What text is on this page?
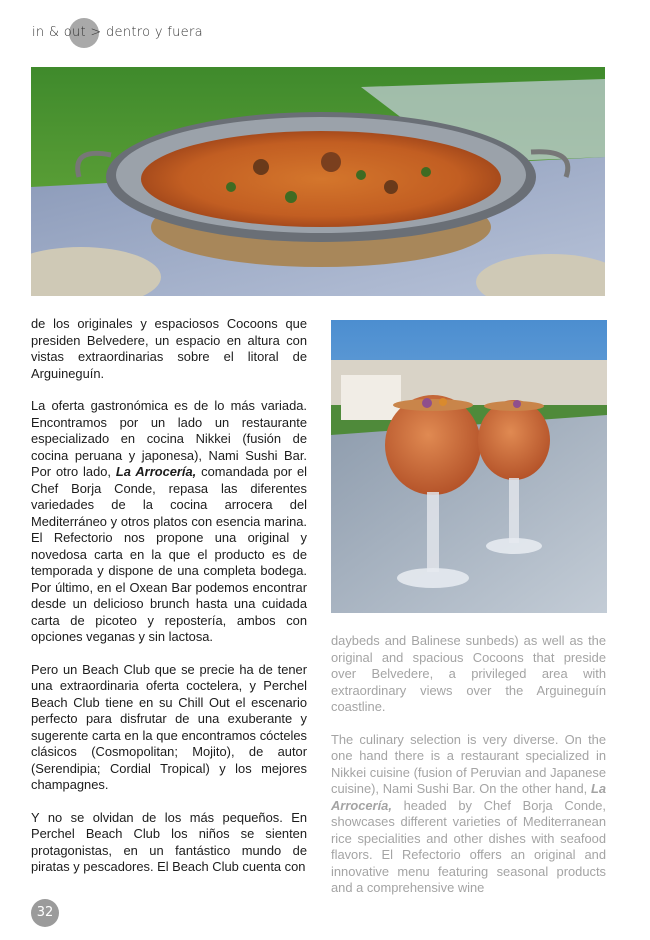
in & out > dentro y fuera

de los originales y espaciosos Cocoons que presiden Belvedere, un espacio en altura con vistas extraordinarias sobre el litoral de Arguineguín.

La oferta gastronómica es de lo más variada. Encontramos por un lado un restaurante especializado en cocina Nikkei (fusión de cocina peruana y japonesa), Nami Sushi Bar. Por otro lado, La Arrocería, comandada por el Chef Borja Conde, repasa las diferentes variedades de la cocina arrocera del Mediterráneo y otros platos con esencia marina. El Refectorio nos propone una original y novedosa carta en la que el producto es de temporada y dispone de una completa bodega. Por último, en el Oxean Bar podemos encontrar desde un delicioso brunch hasta una cuidada carta de picoteo y repostería, ambos con opciones veganas y sin lactosa.

Pero un Beach Club que se precie ha de tener una extraordinaria oferta coctelera, y Perchel Beach Club tiene en su Chill Out el escenario perfecto para disfrutar de una exuberante y sugerente carta en la que encontramos cócteles clásicos (Cosmopolitan; Mojito), de autor (Serendipia; Cordial Tropical) y los mejores champagnes.

Y no se olvidan de los más pequeños. En Perchel Beach Club los niños se sienten protagonistas, en un fantástico mundo de piratas y pescadores. El Beach Club cuenta con

daybeds and Balinese sunbeds) as well as the original and spacious Cocoons that preside over Belvedere, a privileged area with extraordinary views over the Arguineguín coastline.

The culinary selection is very diverse. On the one hand there is a restaurant specialized in Nikkei cuisine (fusion of Peruvian and Japanese cuisine), Nami Sushi Bar. On the other hand, La Arrocería, headed by Chef Borja Conde, showcases different varieties of Mediterranean rice specialities and other dishes with seafood flavors. El Refectorio offers an original and innovative menu featuring seasonal products and a comprehensive wine

32
